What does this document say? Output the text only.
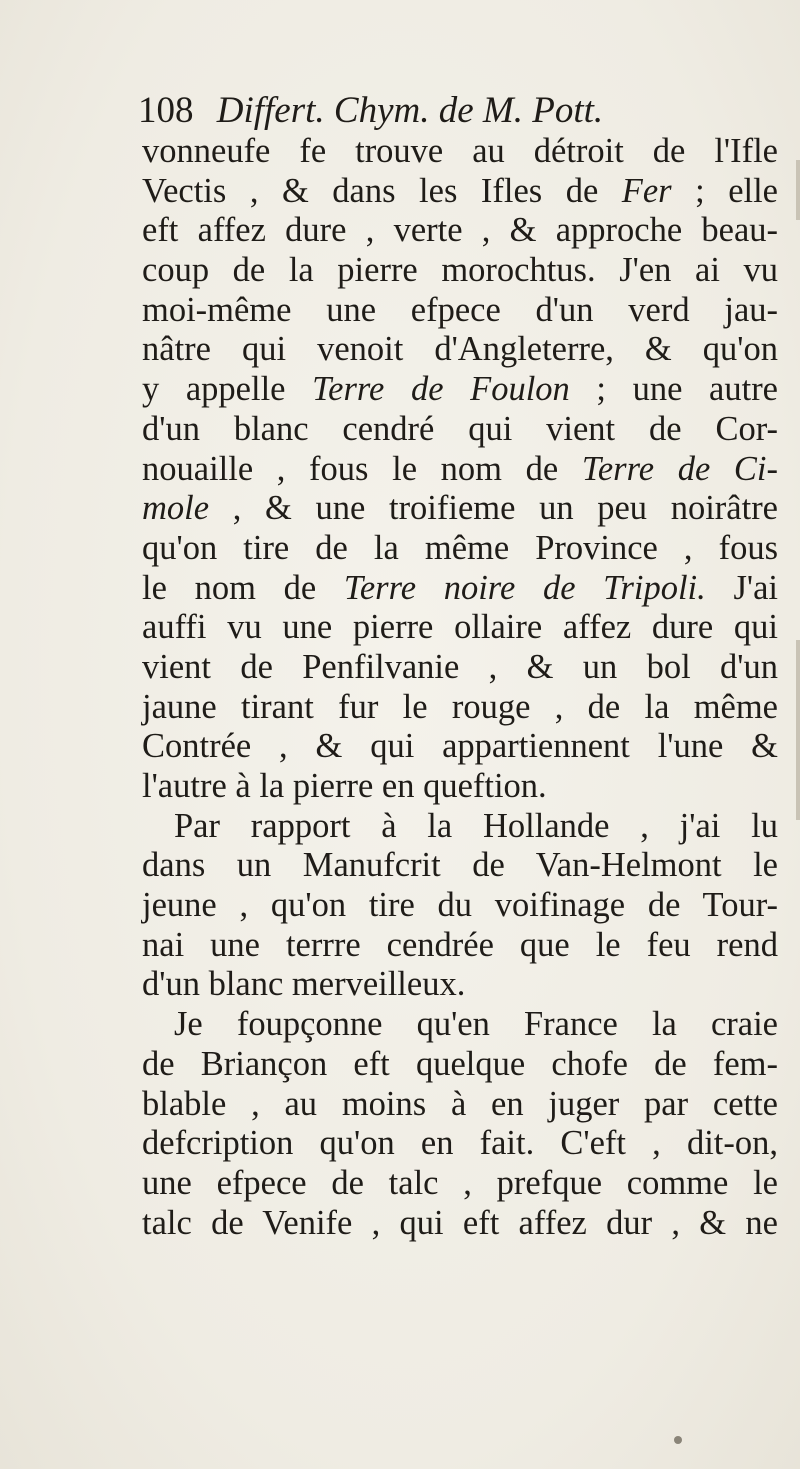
108 Differt. Chym. de M. Pott.
vonneufe fe trouve au détroit de l'Ifle
Vectis , & dans les Ifles de Fer ; elle
eft affez dure , verte , & approche beau-
coup de la pierre morochtus. J'en ai vu
moi-même une efpece d'un verd jau-
nâtre qui venoit d'Angleterre, & qu'on
y appelle Terre de Foulon ; une autre
d'un blanc cendré qui vient de Cor-
nouaille , fous le nom de Terre de Ci-
mole , & une troifieme un peu noirâtre
qu'on tire de la même Province , fous
le nom de Terre noire de Tripoli. J'ai
auffi vu une pierre ollaire affez dure qui
vient de Penfilvanie , & un bol d'un
jaune tirant fur le rouge , de la même
Contrée , & qui appartiennent l'une &
l'autre à la pierre en queftion.
Par rapport à la Hollande , j'ai lu
dans un Manufcrit de Van-Helmont le
jeune , qu'on tire du voifinage de Tour-
nai une terrre cendrée que le feu rend
d'un blanc merveilleux.
Je foupçonne qu'en France la craie
de Briançon eft quelque chofe de fem-
blable , au moins à en juger par cette
defcription qu'on en fait. C'eft , dit-on,
une efpece de talc , prefque comme le
talc de Venife , qui eft affez dur , & ne
